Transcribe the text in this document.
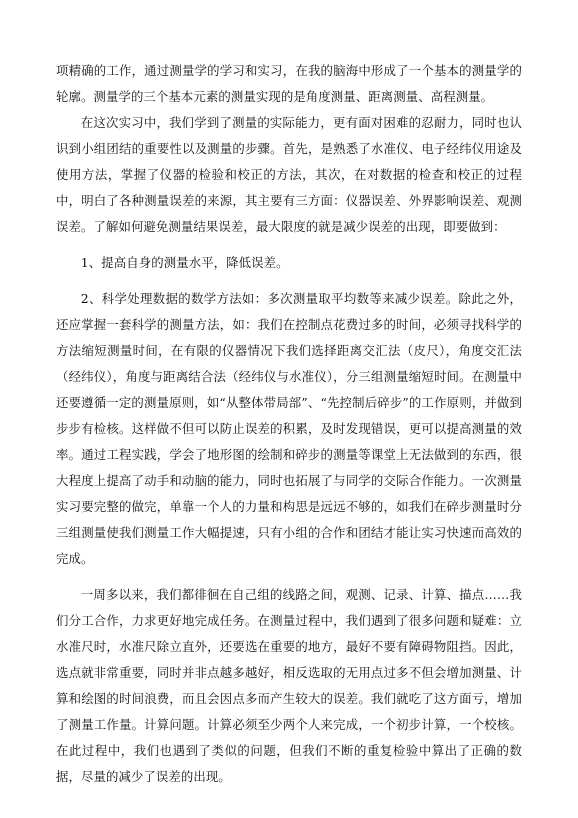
项精确的工作，通过测量学的学习和实习，在我的脑海中形成了一个基本的测量学的轮廓。测量学的三个基本元素的测量实现的是角度测量、距离测量、高程测量。

在这次实习中，我们学到了测量的实际能力，更有面对困难的忍耐力，同时也认识到小组团结的重要性以及测量的步骤。首先，是熟悉了水准仪、电子经纬仪用途及使用方法，掌握了仪器的检验和校正的方法，其次，在对数据的检查和校正的过程中，明白了各种测量误差的来源，其主要有三方面：仪器误差、外界影响误差、观测误差。了解如何避免测量结果误差，最大限度的就是减少误差的出现，即要做到：

1、提高自身的测量水平，降低误差。

2、科学处理数据的数学方法如：多次测量取平均数等来减少误差。除此之外，还应掌握一套科学的测量方法，如：我们在控制点花费过多的时间，必须寻找科学的方法缩短测量时间，在有限的仪器情况下我们选择距离交汇法（皮尺），角度交汇法（经纬仪），角度与距离结合法（经纬仪与水准仪），分三组测量缩短时间。在测量中还要遵循一定的测量原则，如“从整体带局部”、“先控制后碎步”的工作原则，并做到步步有检核。这样做不但可以防止误差的积累，及时发现错误，更可以提高测量的效率。通过工程实践，学会了地形图的绘制和碎步的测量等课堂上无法做到的东西，很大程度上提高了动手和动脑的能力，同时也拓展了与同学的交际合作能力。一次测量实习要完整的做完，单靠一个人的力量和构思是远远不够的，如我们在碎步测量时分三组测量使我们测量工作大幅提速，只有小组的合作和团结才能让实习快速而高效的完成。

一周多以来，我们都徘徊在自己组的线路之间，观测、记录、计算、描点……我们分工合作，力求更好地完成任务。在测量过程中，我们遇到了很多问题和疑难：立水准尺时，水准尺除立直外，还要选在重要的地方，最好不要有障碍物阻挡。因此，选点就非常重要，同时并非点越多越好，相反选取的无用点过多不但会增加测量、计算和绘图的时间浪费，而且会因点多而产生较大的误差。我们就吃了这方面亏，增加了测量工作量。计算问题。计算必须至少两个人来完成，一个初步计算，一个校核。在此过程中，我们也遇到了类似的问题，但我们不断的重复检验中算出了正确的数据，尽量的减少了误差的出现。
